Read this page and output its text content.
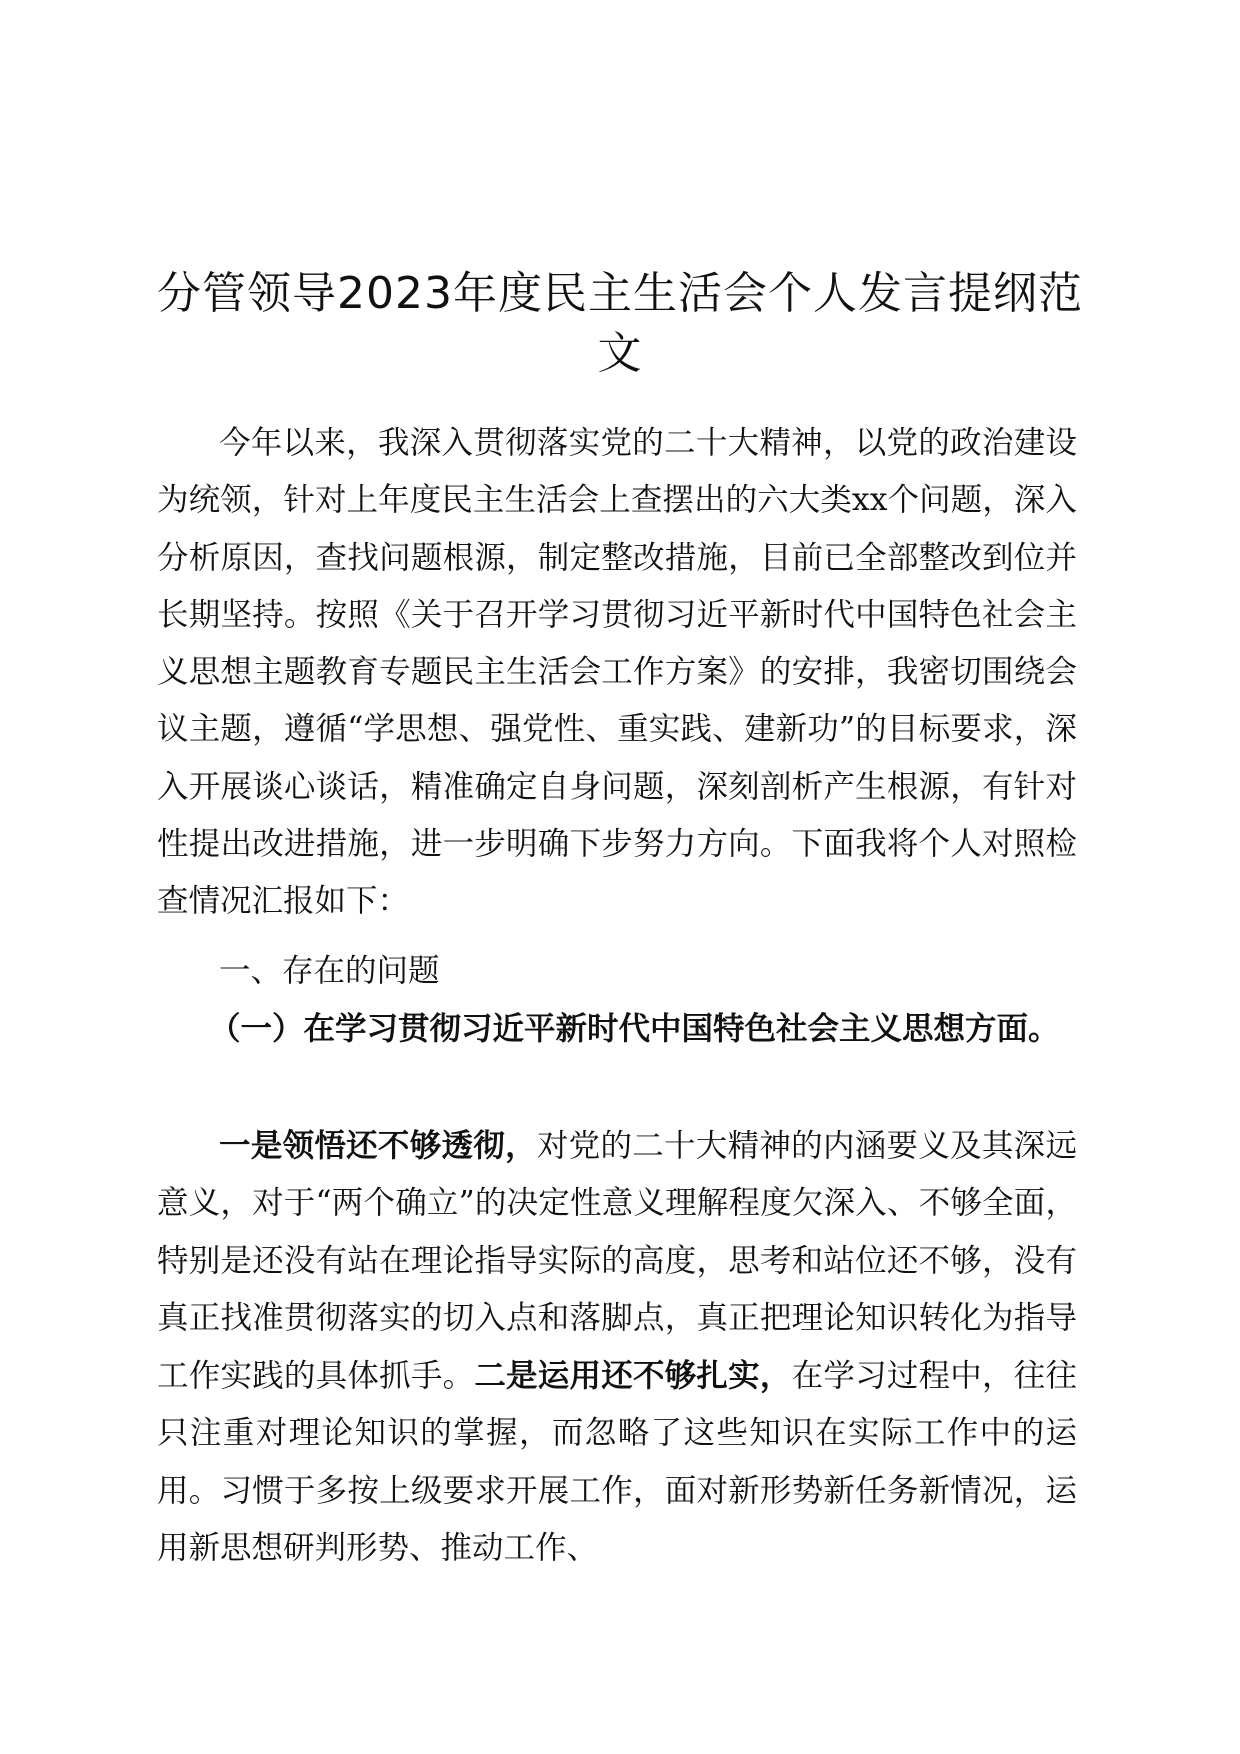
分管领导2023年度民主生活会个人发言提纲范文
今年以来，我深入贯彻落实党的二十大精神，以党的政治建设为统领，针对上年度民主生活会上查摆出的六大类xx个问题，深入分析原因，查找问题根源，制定整改措施，目前已全部整改到位并长期坚持。按照《关于召开学习贯彻习近平新时代中国特色社会主义思想主题教育专题民主生活会工作方案》的安排，我密切围绕会议主题，遵循“学思想、强党性、重实践、建新功”的目标要求，深入开展谈心谈话，精准确定自身问题，深刻剖析产生根源，有针对性提出改进措施，进一步明确下步努力方向。下面我将个人对照检查情况汇报如下：
一、存在的问题
（一）在学习贯彻习近平新时代中国特色社会主义思想方面。
一是领悟还不够透彻，对党的二十大精神的内涵要义及其深远意义，对于“两个确立”的决定性意义理解程度欠深入、不够全面，特别是还没有站在理论指导实际的高度，思考和站位还不够，没有真正找准贯彻落实的切入点和落脚点，真正把理论知识转化为指导工作实践的具体抓手。二是运用还不够扎实，在学习过程中，往往只注重对理论知识的掌握，而忽略了这些知识在实际工作中的运用。习惯于多按上级要求开展工作，面对新形势新任务新情况，运用新思想研判形势、推动工作、
